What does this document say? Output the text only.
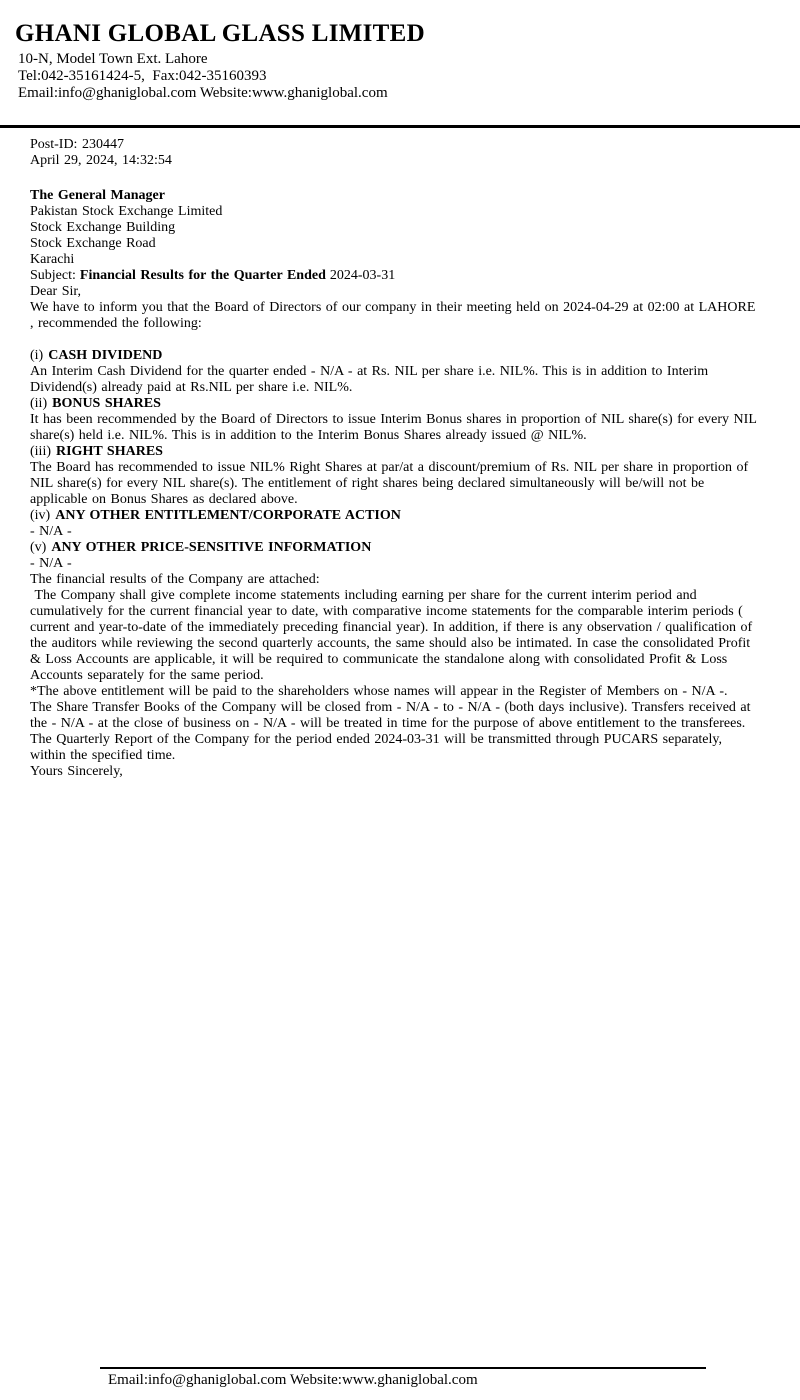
GHANI GLOBAL GLASS LIMITED
10-N, Model Town Ext. Lahore
Tel:042-35161424-5,  Fax:042-35160393
Email:info@ghaniglobal.com Website:www.ghaniglobal.com
Post-ID: 230447
April 29, 2024, 14:32:54
The General Manager
Pakistan Stock Exchange Limited
Stock Exchange Building
Stock Exchange Road
Karachi

Subject: Financial Results for the Quarter Ended 2024-03-31

Dear Sir,

We have to inform you that the Board of Directors of our company in their meeting held on 2024-04-29 at 02:00 at LAHORE , recommended the following:

(i) CASH DIVIDEND

An Interim Cash Dividend for the quarter ended - N/A - at Rs. NIL per share i.e. NIL%. This is in addition to Interim Dividend(s) already paid at Rs.NIL per share i.e. NIL%.

(ii) BONUS SHARES

It has been recommended by the Board of Directors to issue Interim Bonus shares in proportion of NIL share(s) for every NIL share(s) held i.e. NIL%. This is in addition to the Interim Bonus Shares already issued @ NIL%.

(iii) RIGHT SHARES

The Board has recommended to issue NIL% Right Shares at par/at a discount/premium of Rs. NIL per share in proportion of NIL share(s) for every NIL share(s). The entitlement of right shares being declared simultaneously will be/will not be applicable on Bonus Shares as declared above.

(iv) ANY OTHER ENTITLEMENT/CORPORATE ACTION

- N/A -

(v) ANY OTHER PRICE-SENSITIVE INFORMATION

- N/A -

The financial results of the Company are attached:

The Company shall give complete income statements including earning per share for the current interim period and cumulatively for the current financial year to date, with comparative income statements for the comparable interim periods ( current and year-to-date of the immediately preceding financial year). In addition, if there is any observation / qualification of the auditors while reviewing the second quarterly accounts, the same should also be intimated. In case the consolidated Profit & Loss Accounts are applicable, it will be required to communicate the standalone along with consolidated Profit & Loss Accounts separately for the same period.

*The above entitlement will be paid to the shareholders whose names will appear in the Register of Members on - N/A -.

The Share Transfer Books of the Company will be closed from - N/A - to - N/A - (both days inclusive). Transfers received at the - N/A - at the close of business on - N/A - will be treated in time for the purpose of above entitlement to the transferees.

The Quarterly Report of the Company for the period ended 2024-03-31 will be transmitted through PUCARS separately, within the specified time.

Yours Sincerely,

Email:info@ghaniglobal.com Website:www.ghaniglobal.com
